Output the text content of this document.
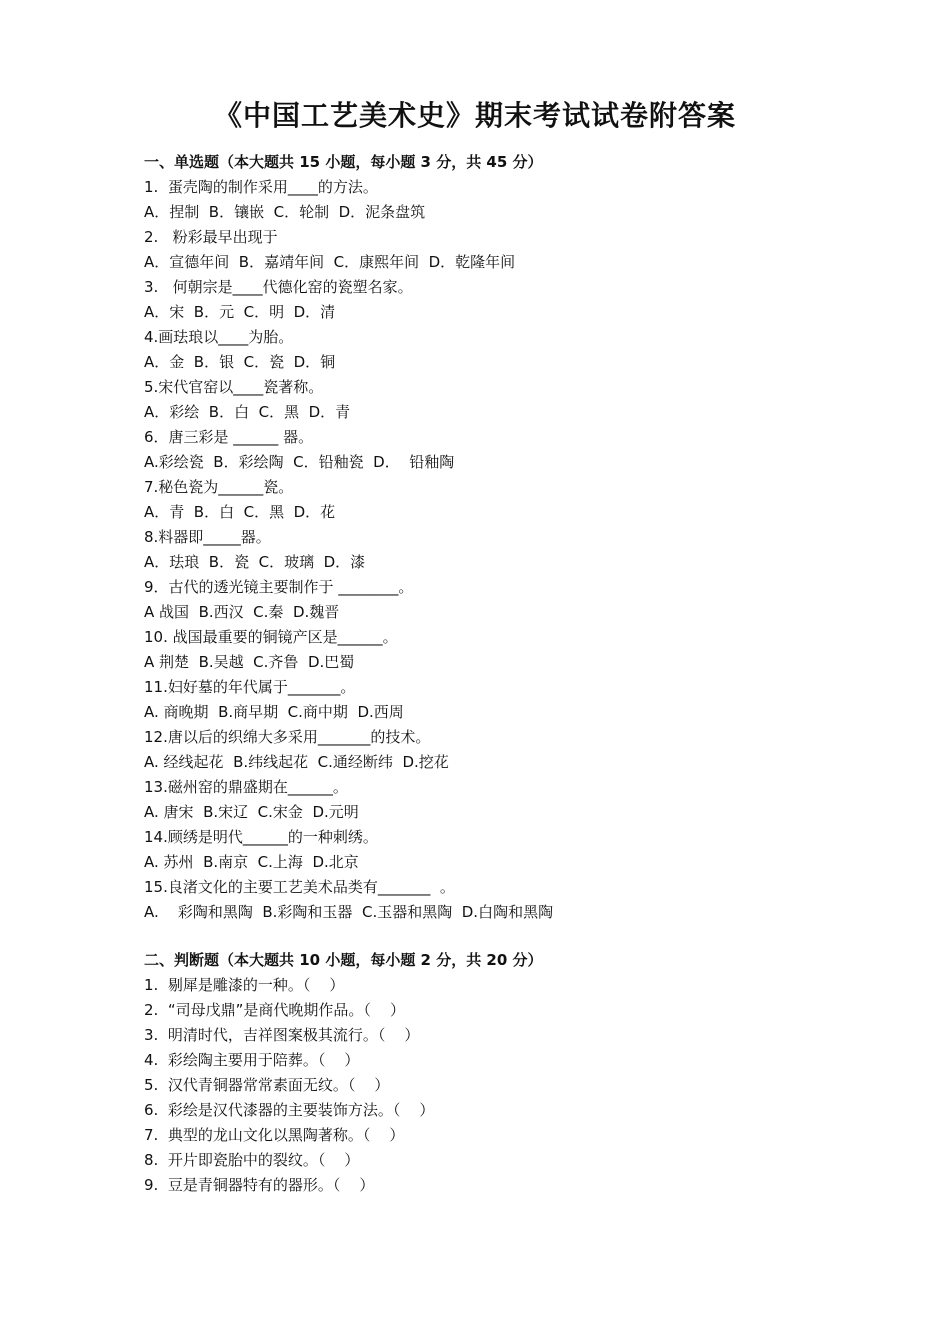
《中国工艺美术史》期末考试试卷附答案
一、单选题（本大题共 15 小题，每小题 3 分，共 45 分）
1.  蛋壳陶的制作采用____的方法。
A．捏制  B．镶嵌  C．轮制  D．泥条盘筑
2.   粉彩最早出现于
A．宣德年间  B．嘉靖年间  C．康熙年间  D．乾隆年间
3.   何朝宗是____代德化窑的瓷塑名家。
A．宋  B．元  C．明  D．清
4.画珐琅以____为胎。
A．金  B．银  C．瓷  D．铜
5.宋代官窑以____瓷著称。
A．彩绘  B．白  C．黑  D．青
6．唐三彩是 ______ 器。
A.彩绘瓷  B．彩绘陶  C．铅釉瓷  D．  铅釉陶
7.秘色瓷为______瓷。
A．青  B．白  C．黑  D．花
8.料器即_____器。
A．珐琅  B．瓷  C．玻璃  D．漆
9．古代的透光镜主要制作于 ________。
A 战国  B.西汉  C.秦  D.魏晋
10. 战国最重要的铜镜产区是______。
A 荆楚  B.吴越  C.齐鲁  D.巴蜀
11.妇好墓的年代属于_______。
A. 商晚期  B.商早期  C.商中期  D.西周
12.唐以后的织绵大多采用_______的技术。
A. 经线起花  B.纬线起花  C.通经断纬  D.挖花
13.磁州窑的鼎盛期在______。
A. 唐宋  B.宋辽  C.宋金  D.元明
14.顾绣是明代______的一种刺绣。
A. 苏州  B.南京  C.上海  D.北京
15.良渚文化的主要工艺美术品类有_______  。
A.    彩陶和黑陶  B.彩陶和玉器  C.玉器和黑陶  D.白陶和黑陶
二、判断题（本大题共 10 小题，每小题 2 分，共 20 分）
1.  剔犀是雕漆的一种。（    ）
2.  “司母戊鼎”是商代晚期作品。（    ）
3.  明清时代，吉祥图案极其流行。（    ）
4.  彩绘陶主要用于陪葬。（    ）
5.  汉代青铜器常常素面无纹。（    ）
6.  彩绘是汉代漆器的主要装饰方法。（    ）
7.  典型的龙山文化以黑陶著称。（    ）
8.  开片即瓷胎中的裂纹。（    ）
9.  豆是青铜器特有的器形。（    ）
